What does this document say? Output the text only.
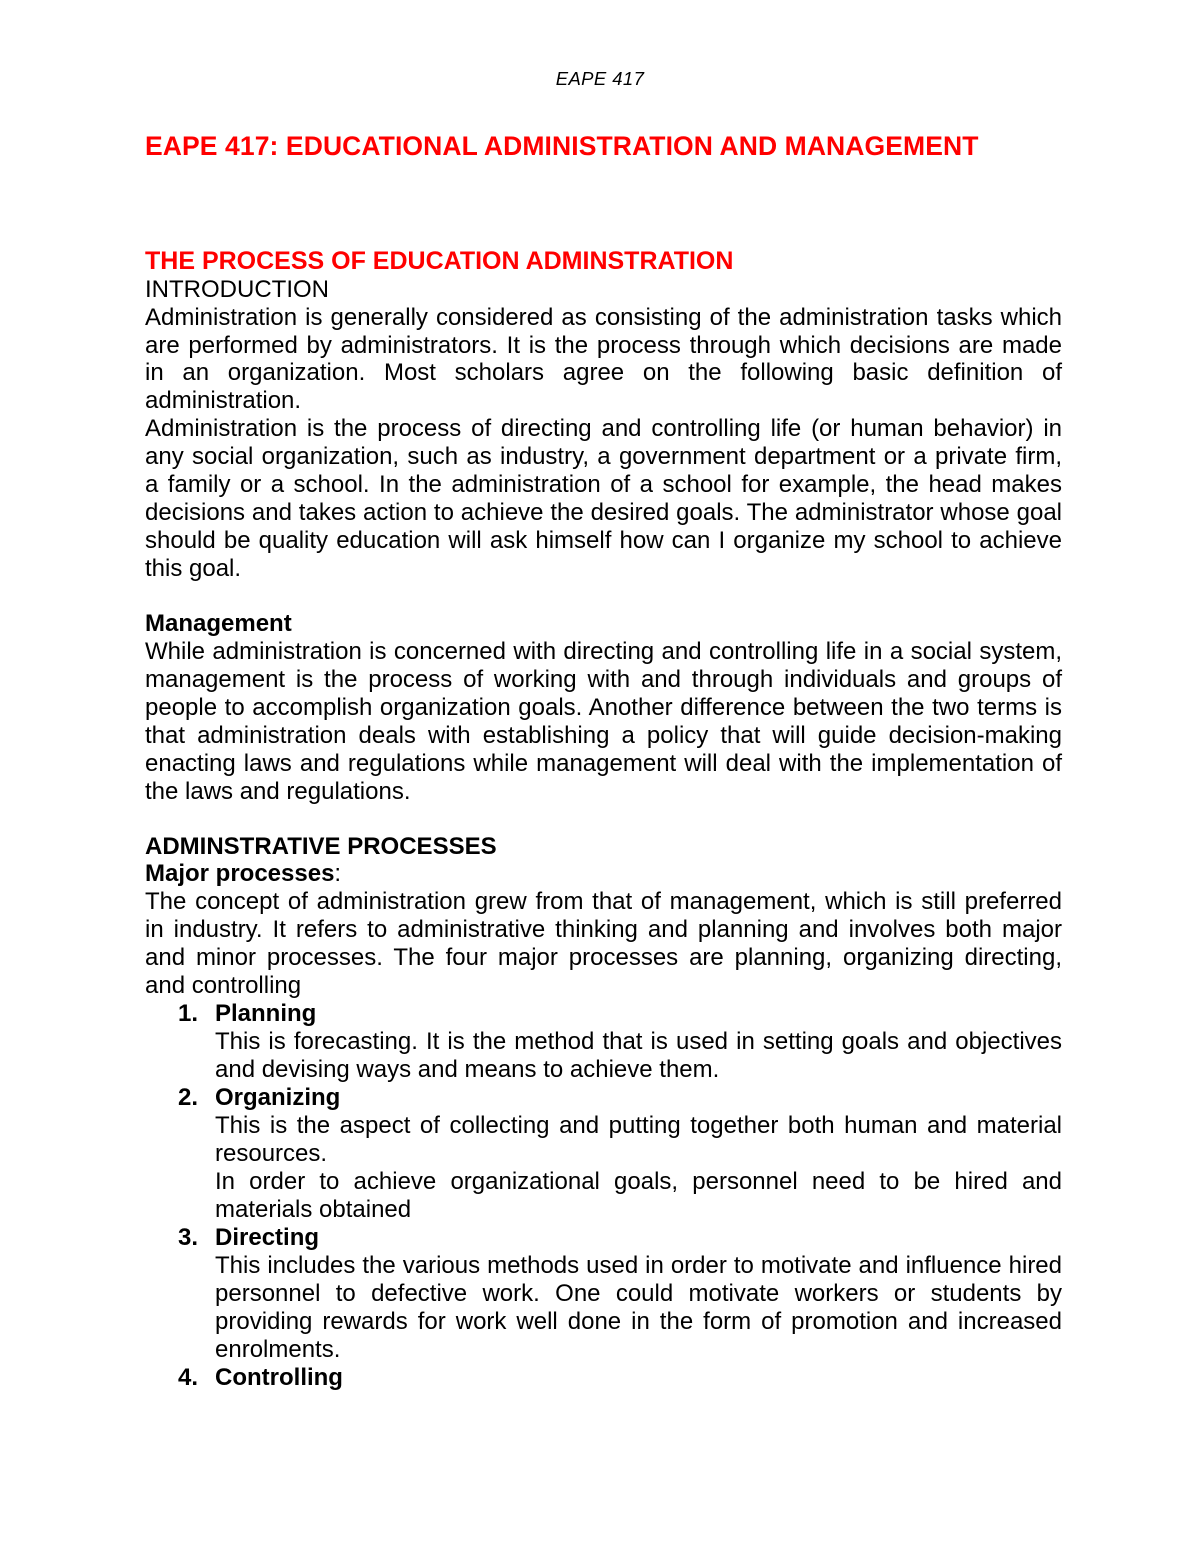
EAPE 417
EAPE 417: EDUCATIONAL ADMINISTRATION AND MANAGEMENT
THE PROCESS OF EDUCATION ADMINSTRATION
INTRODUCTION

Administration is generally considered as consisting of the administration tasks which are performed by administrators. It is the process through which decisions are made in an organization. Most scholars agree on the following basic definition of administration.

Administration is the process of directing and controlling life (or human behavior) in any social organization, such as industry, a government department or a private firm, a family or a school. In the administration of a school for example, the head makes decisions and takes action to achieve the desired goals. The administrator whose goal should be quality education will ask himself how can I organize my school to achieve this goal.

Management

While administration is concerned with directing and controlling life in a social system, management is the process of working with and through individuals and groups of people to accomplish organization goals. Another difference between the two terms is that administration deals with establishing a policy that will guide decision-making enacting laws and regulations while management will deal with the implementation of the laws and regulations.

ADMINSTRATIVE PROCESSES
Major processes:

The concept of administration grew from that of management, which is still preferred in industry. It refers to administrative thinking and planning and involves both major and minor processes. The four major processes are planning, organizing directing, and controlling

Planning

This is forecasting. It is the method that is used in setting goals and objectives and devising ways and means to achieve them.

Organizing

This is the aspect of collecting and putting together both human and material resources.

In order to achieve organizational goals, personnel need to be hired and materials obtained

Directing

This includes the various methods used in order to motivate and influence hired personnel to defective work. One could motivate workers or students by providing rewards for work well done in the form of promotion and increased enrolments.

Controlling
